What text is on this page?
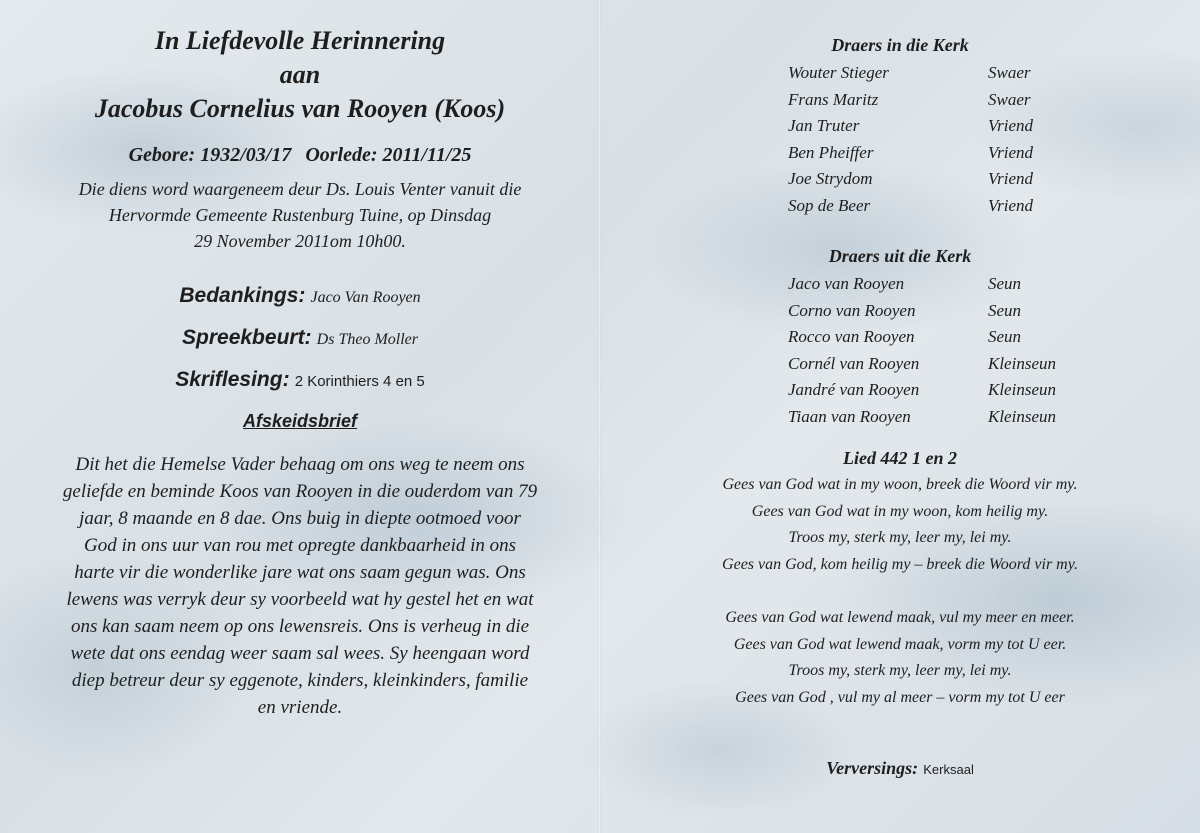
In Liefdevolle Herinnering

aan

Jacobus Cornelius van Rooyen (Koos)

Gebore: 1932/03/17 Oorlede: 2011/11/25

Die diens word waargeneem deur Ds. Louis Venter vanuit die

Hervormde Gemeente Rustenburg Tuine, op Dinsdag

29 November 2011om 10h00.

Bedankings: Jaco Van Rooyen
Spreekbeurt: Ds Theo Moller
Skriflesing: 2 Korinthiers 4 en 5
Afskeidsbrief

Dit het die Hemelse Vader behaag om ons weg te neem ons

geliefde en beminde Koos van Rooyen in die ouderdom van 79

jaar, 8 maande en 8 dae. Ons buig in diepte ootmoed voor

God in ons uur van rou met opregte dankbaarheid in ons

harte vir die wonderlike jare wat ons saam gegun was. Ons

lewens was verryk deur sy voorbeeld wat hy gestel het en wat

ons kan saam neem op ons lewensreis. Ons is verheug in die

wete dat ons eendag weer saam sal wees. Sy heengaan word

diep betreur deur sy eggenote, kinders, kleinkinders, familie

en vriende.

Draers in die Kerk
Wouter Stieger	Swaer
Frans Maritz	Swaer
Jan Truter	Vriend
Ben Pheiffer	Vriend
Joe Strydom	Vriend
Sop de Beer	Vriend
Draers uit die Kerk
Jaco van Rooyen	Seun
Corno van Rooyen	Seun
Rocco van Rooyen	Seun
Cornél van Rooyen	Kleinseun
Jandré van Rooyen	Kleinseun
Tiaan van Rooyen	Kleinseun
Lied 442 1 en 2

Gees van God wat in my woon, breek die Woord vir my.

Gees van God wat in my woon, kom heilig my.

Troos my, sterk my, leer my, lei my.

Gees van God, kom heilig my – breek die Woord vir my.

Gees van God wat lewend maak, vul my meer en meer.

Gees van God wat lewend maak, vorm my tot U eer.

Troos my, sterk my, leer my, lei my.

Gees van God , vul my al meer – vorm my tot U eer

Verversings: Kerksaal
